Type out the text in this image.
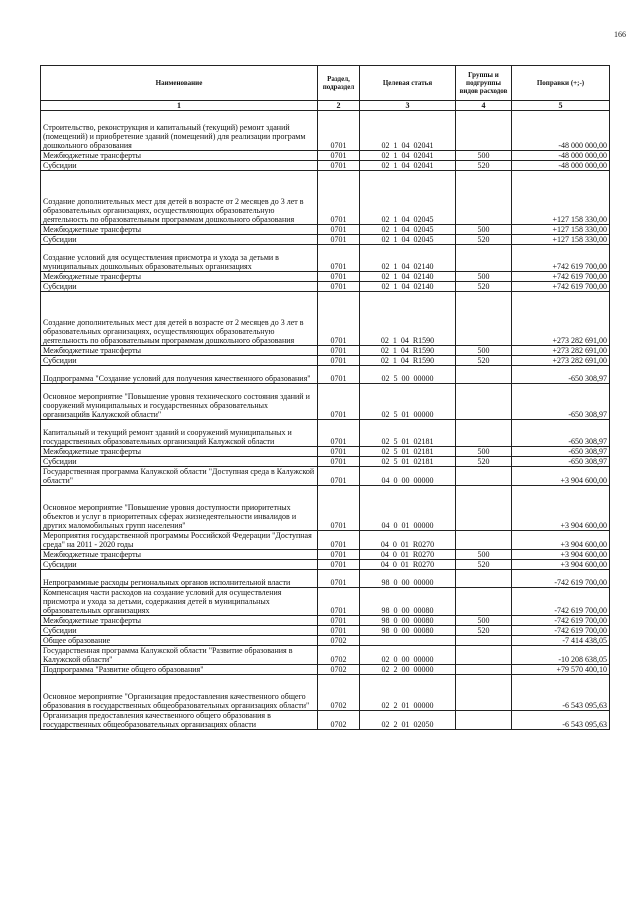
166
Наименование	Раздел, подраздел	Целевая статья	Группы и подгруппы видов расходов	Поправки (+;-)
1	2	3	4	5
Строительство, реконструкция и капитальный (текущий) ремонт зданий (помещений) и приобретение зданий (помещений) для реализации программ дошкольного образования	0701	02  1  04  02041		-48 000 000,00
Межбюджетные трансферты	0701	02  1  04  02041	500	-48 000 000,00
Субсидии	0701	02  1  04  02041	520	-48 000 000,00
Создание дополнительных мест для детей в возрасте от 2 месяцев до 3 лет в образовательных организациях, осуществляющих образовательную деятельность по образовательным программам дошкольного образования	0701	02  1  04  02045		+127 158 330,00
Межбюджетные трансферты	0701	02  1  04  02045	500	+127 158 330,00
Субсидии	0701	02  1  04  02045	520	+127 158 330,00
Создание условий для осуществления присмотра и ухода за детьми в муниципальных дошкольных образовательных организациях	0701	02  1  04  02140		+742 619 700,00
Межбюджетные трансферты	0701	02  1  04  02140	500	+742 619 700,00
Субсидии	0701	02  1  04  02140	520	+742 619 700,00
Создание дополнительных мест для детей в возрасте от 2 месяцев до 3 лет в образовательных организациях, осуществляющих образовательную деятельность по образовательным программам дошкольного образования	0701	02  1  04  R1590		+273 282 691,00
Межбюджетные трансферты	0701	02  1  04  R1590	500	+273 282 691,00
Субсидии	0701	02  1  04  R1590	520	+273 282 691,00
Подпрограмма "Создание условий для получения качественного образования"	0701	02  5  00  00000		-650 308,97
Основное мероприятие "Повышение уровня технического состояния зданий и сооружений муниципальных и государственных образовательных организацийв Калужской области"	0701	02  5  01  00000		-650 308,97
Капитальный и текущий ремонт зданий и сооружений муниципальных и государственных образовательных организаций Калужской области	0701	02  5  01  02181		-650 308,97
Межбюджетные трансферты	0701	02  5  01  02181	500	-650 308,97
Субсидии	0701	02  5  01  02181	520	-650 308,97
Государственная программа Калужской области "Доступная среда в Калужской области"	0701	04  0  00  00000		+3 904 600,00
Основное мероприятие "Повышение уровня доступности приоритетных объектов и услуг в приоритетных сферах жизнедеятельности инвалидов и других маломобильных групп населения"	0701	04  0  01  00000		+3 904 600,00
Мероприятия государственной программы Российской Федерации "Доступная среда" на 2011 - 2020 годы	0701	04  0  01  R0270		+3 904 600,00
Межбюджетные трансферты	0701	04  0  01  R0270	500	+3 904 600,00
Субсидии	0701	04  0  01  R0270	520	+3 904 600,00
Непрограммные расходы региональных органов исполнительной власти	0701	98  0  00  00000		-742 619 700,00
Компенсация части расходов на создание условий для осуществления присмотра и ухода за детьми, содержания детей в муниципальных образовательных организациях	0701	98  0  00  00080		-742 619 700,00
Межбюджетные трансферты	0701	98  0  00  00080	500	-742 619 700,00
Субсидии	0701	98  0  00  00080	520	-742 619 700,00
Общее образование	0702			-7 414 438,05
Государственная программа Калужской области "Развитие образования в Калужской области"	0702	02  0  00  00000		-10 208 638,05
Подпрограмма "Развитие общего образования"	0702	02  2  00  00000		+79 570 400,10
Основное мероприятие "Организация предоставления качественного общего образования в государственных общеобразовательных организациях области"	0702	02  2  01  00000		-6 543 095,63
Организация предоставления качественного общего образования в государственных общеобразовательных организациях области	0702	02  2  01  02050		-6 543 095,63
